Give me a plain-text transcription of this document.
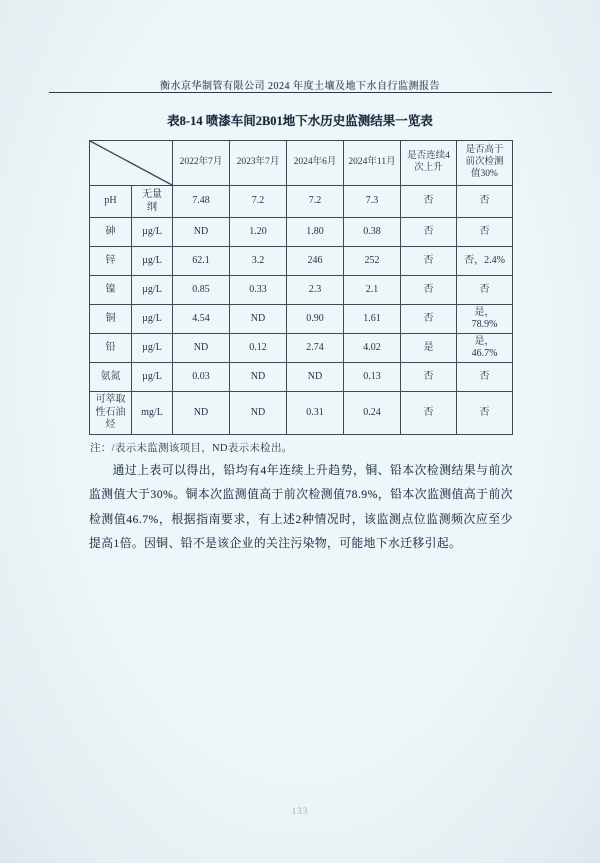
衡水京华制管有限公司 2024 年度土壤及地下水自行监测报告
表8-14 喷漆车间2B01地下水历史监测结果一览表
	2022年7月	2023年7月	2024年6月	2024年11月	是否连续4次上升	是否高于前次检测值30%
pH	无量纲	7.48	7.2	7.2	7.3	否	否
砷	µg/L	ND	1.20	1.80	0.38	否	否
锌	µg/L	62.1	3.2	246	252	否	否，2.4%
镍	µg/L	0.85	0.33	2.3	2.1	否	否
铜	µg/L	4.54	ND	0.90	1.61	否	是，78.9%
铅	µg/L	ND	0.12	2.74	4.02	是	是，46.7%
氨氮	µg/L	0.03	ND	ND	0.13	否	否
可萃取性石油烃	mg/L	ND	ND	0.31	0.24	否	否
注：/表示未监测该项目，ND表示未检出。

通过上表可以得出，铅均有4年连续上升趋势，铜、铅本次检测结果与前次监测值大于30%。铜本次监测值高于前次检测值78.9%，铅本次监测值高于前次检测值46.7%，根据指南要求，有上述2种情况时，该监测点位监测频次应至少提高1倍。因铜、铅不是该企业的关注污染物，可能地下水迁移引起。

133
